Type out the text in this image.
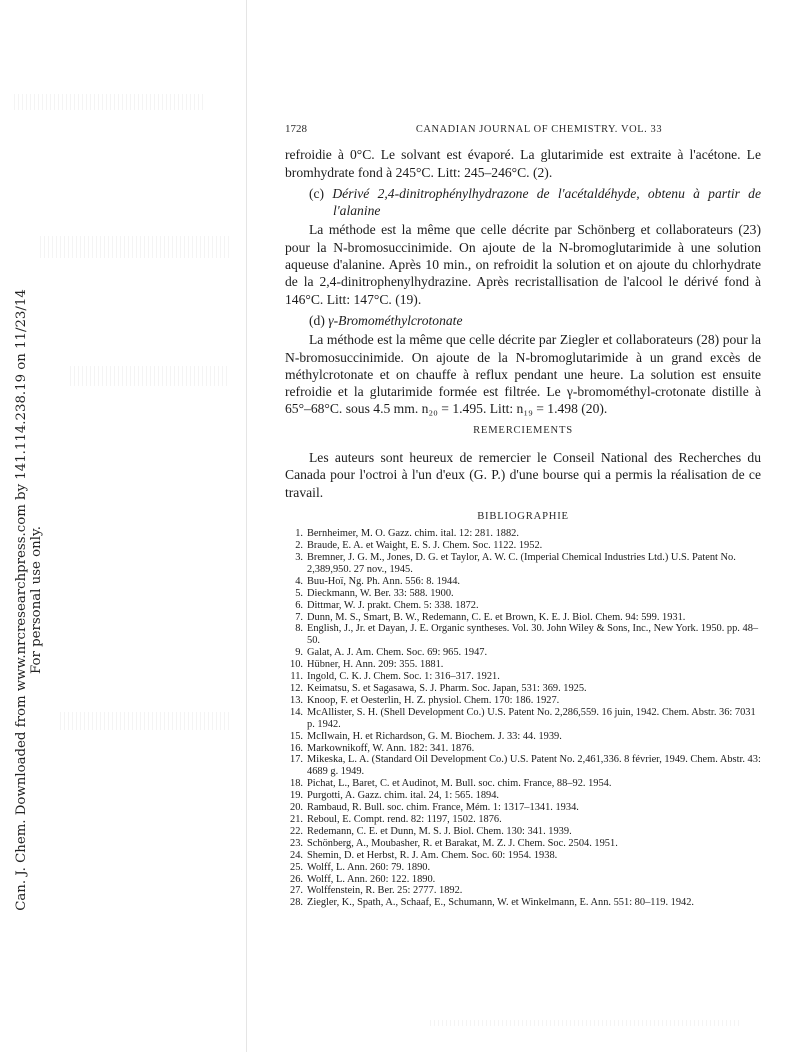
Can. J. Chem. Downloaded from www.nrcresearchpress.com by 141.114.238.19 on 11/23/14 For personal use only.
1728	CANADIAN JOURNAL OF CHEMISTRY. VOL. 33

refroidie à 0°C. Le solvant est évaporé. La glutarimide est extraite à l'acétone. Le bromhydrate fond à 245°C. Litt: 245–246°C. (2).

(c) Dérivé 2,4-dinitrophénylhydrazone de l'acétaldéhyde, obtenu à partir de l'alanine

La méthode est la même que celle décrite par Schönberg et collaborateurs (23) pour la N-bromosuccinimide. On ajoute de la N-bromoglutarimide à une solution aqueuse d'alanine. Après 10 min., on refroidit la solution et on ajoute du chlorhydrate de la 2,4-dinitrophenylhydrazine. Après recristallisation de l'alcool le dérivé fond à 146°C. Litt: 147°C. (19).

(d) γ-Bromométhylcrotonate

La méthode est la même que celle décrite par Ziegler et collaborateurs (28) pour la N-bromosuccinimide. On ajoute de la N-bromoglutarimide à un grand excès de méthylcrotonate et on chauffe à reflux pendant une heure. La solution est ensuite refroidie et la glutarimide formée est filtrée. Le γ-bromométhyl-crotonate distille à 65°–68°C. sous 4.5 mm. n₂₀ = 1.495. Litt: n₁₉ = 1.498 (20).

REMERCIEMENTS

Les auteurs sont heureux de remercier le Conseil National des Recherches du Canada pour l'octroi à l'un d'eux (G. P.) d'une bourse qui a permis la réalisation de ce travail.

BIBLIOGRAPHIE
1. Bernheimer, M. O. Gazz. chim. ital. 12: 281. 1882.
2. Braude, E. A. et Waight, E. S. J. Chem. Soc. 1122. 1952.
3. Bremner, J. G. M., Jones, D. G. et Taylor, A. W. C. (Imperial Chemical Industries Ltd.) U.S. Patent No. 2,389,950. 27 nov., 1945.
4. Buu-Hoï, Ng. Ph. Ann. 556: 8. 1944.
5. Dieckmann, W. Ber. 33: 588. 1900.
6. Dittmar, W. J. prakt. Chem. 5: 338. 1872.
7. Dunn, M. S., Smart, B. W., Redemann, C. E. et Brown, K. E. J. Biol. Chem. 94: 599. 1931.
8. English, J., Jr. et Dayan, J. E. Organic syntheses. Vol. 30. John Wiley & Sons, Inc., New York. 1950. pp. 48–50.
9. Galat, A. J. Am. Chem. Soc. 69: 965. 1947.
10. Hübner, H. Ann. 209: 355. 1881.
11. Ingold, C. K. J. Chem. Soc. 1: 316–317. 1921.
12. Keimatsu, S. et Sagasawa, S. J. Pharm. Soc. Japan, 531: 369. 1925.
13. Knoop, F. et Oesterlin, H. Z. physiol. Chem. 170: 186. 1927.
14. McAllister, S. H. (Shell Development Co.) U.S. Patent No. 2,286,559. 16 juin, 1942. Chem. Abstr. 36: 7031 p. 1942.
15. McIlwain, H. et Richardson, G. M. Biochem. J. 33: 44. 1939.
16. Markownikoff, W. Ann. 182: 341. 1876.
17. Mikeska, L. A. (Standard Oil Development Co.) U.S. Patent No. 2,461,336. 8 février, 1949. Chem. Abstr. 43: 4689 g. 1949.
18. Pichat, L., Baret, C. et Audinot, M. Bull. soc. chim. France, 88–92. 1954.
19. Purgotti, A. Gazz. chim. ital. 24, 1: 565. 1894.
20. Rambaud, R. Bull. soc. chim. France, Mém. 1: 1317–1341. 1934.
21. Reboul, E. Compt. rend. 82: 1197, 1502. 1876.
22. Redemann, C. E. et Dunn, M. S. J. Biol. Chem. 130: 341. 1939.
23. Schönberg, A., Moubasher, R. et Barakat, M. Z. J. Chem. Soc. 2504. 1951.
24. Shemin, D. et Herbst, R. J. Am. Chem. Soc. 60: 1954. 1938.
25. Wolff, L. Ann. 260: 79. 1890.
26. Wolff, L. Ann. 260: 122. 1890.
27. Wolffenstein, R. Ber. 25: 2777. 1892.
28. Ziegler, K., Spath, A., Schaaf, E., Schumann, W. et Winkelmann, E. Ann. 551: 80–119. 1942.
